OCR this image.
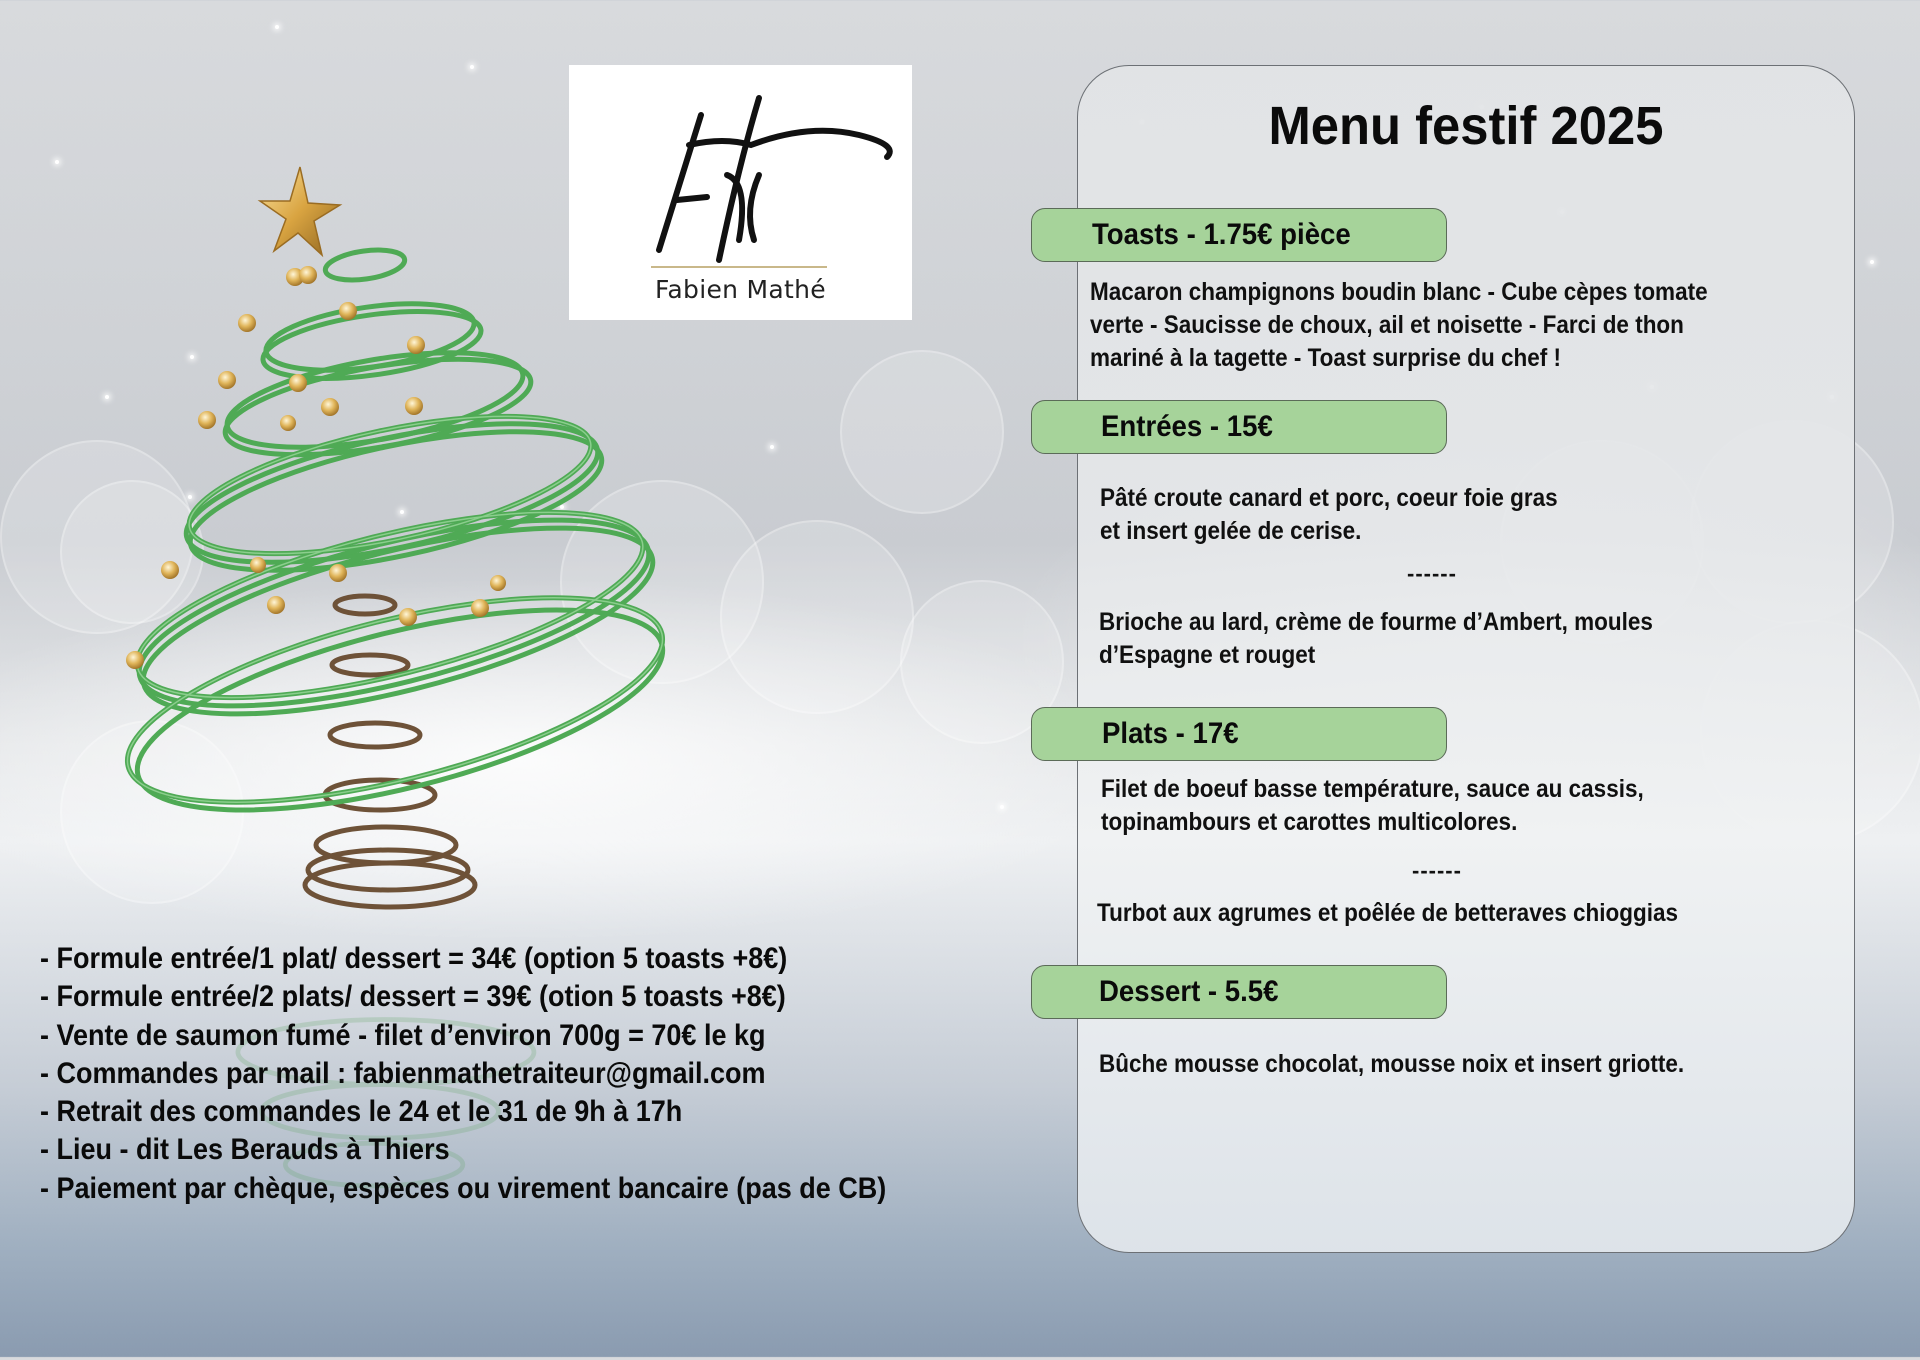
Fabien Mathé
Menu festif 2025
Toasts - 1.75€ pièce
Macaron champignons boudin blanc - Cube cèpes tomate
verte - Saucisse de choux, ail et noisette - Farci de thon
mariné à la tagette - Toast surprise du chef !
Entrées - 15€
Pâté croute canard et porc, coeur foie gras
et insert gelée de cerise.
------
Brioche au lard, crème de fourme d’Ambert, moules
d’Espagne et rouget
Plats - 17€
Filet de boeuf basse température, sauce au cassis,
topinambours et carottes multicolores.
------
Turbot aux agrumes et poêlée de betteraves chioggias
Dessert - 5.5€
Bûche mousse chocolat, mousse noix et insert griotte.
- Formule entrée/1 plat/ dessert = 34€ (option 5 toasts +8€)
- Formule entrée/2 plats/ dessert = 39€ (otion 5 toasts +8€)
- Vente de saumon fumé - filet d’environ 700g = 70€ le kg
- Commandes par mail : fabienmathetraiteur@gmail.com
- Retrait des commandes le 24 et le 31 de 9h à 17h
- Lieu - dit Les Berauds à Thiers
- Paiement par chèque, espèces ou virement bancaire (pas de CB)
